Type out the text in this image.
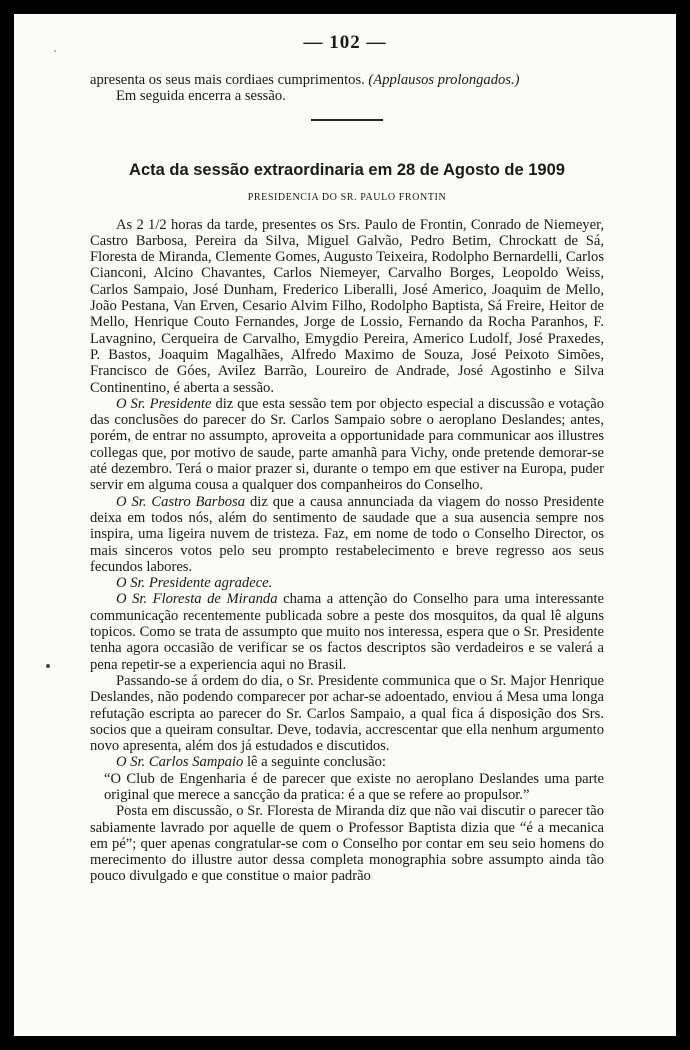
— 102 —

apresenta os seus mais cordiaes cumprimentos. (Applausos prolongados.)

Em seguida encerra a sessão.

Acta da sessão extraordinaria em 28 de Agosto de 1909
PRESIDENCIA DO SR. PAULO FRONTIN

As 2 1/2 horas da tarde, presentes os Srs. Paulo de Frontin, Conrado de Niemeyer, Castro Barbosa, Pereira da Silva, Miguel Galvão, Pedro Betim, Chrockatt de Sá, Floresta de Miranda, Clemente Gomes, Augusto Teixeira, Rodolpho Bernardelli, Carlos Cianconi, Alcino Chavantes, Carlos Niemeyer, Carvalho Borges, Leopoldo Weiss, Carlos Sampaio, José Dunham, Frederico Liberalli, José Americo, Joaquim de Mello, João Pestana, Van Erven, Cesario Alvim Filho, Rodolpho Baptista, Sá Freire, Heitor de Mello, Henrique Couto Fernandes, Jorge de Lossio, Fernando da Rocha Paranhos, F. Lavagnino, Cerqueira de Carvalho, Emygdio Pereira, Americo Ludolf, José Praxedes, P. Bastos, Joaquim Magalhães, Alfredo Maximo de Souza, José Peixoto Simões, Francisco de Góes, Avilez Barrão, Loureiro de Andrade, José Agostinho e Silva Continentino, é aberta a sessão.

O Sr. Presidente diz que esta sessão tem por objecto especial a discussão e votação das conclusões do parecer do Sr. Carlos Sampaio sobre o aeroplano Deslandes; antes, porém, de entrar no assumpto, aproveita a opportunidade para communicar aos illustres collegas que, por motivo de saude, parte amanhã para Vichy, onde pretende demorar-se até dezembro. Terá o maior prazer si, durante o tempo em que estiver na Europa, puder servir em alguma cousa a qualquer dos companheiros do Conselho.

O Sr. Castro Barbosa diz que a causa annunciada da viagem do nosso Presidente deixa em todos nós, além do sentimento de saudade que a sua ausencia sempre nos inspira, uma ligeira nuvem de tristeza. Faz, em nome de todo o Conselho Director, os mais sinceros votos pelo seu prompto restabelecimento e breve regresso aos seus fecundos labores.

O Sr. Presidente agradece.

O Sr. Floresta de Miranda chama a attenção do Conselho para uma interessante communicação recentemente publicada sobre a peste dos mosquitos, da qual lê alguns topicos. Como se trata de assumpto que muito nos interessa, espera que o Sr. Presidente tenha agora occasião de verificar se os factos descriptos são verdadeiros e se valerá a pena repetir-se a experiencia aqui no Brasil.

Passando-se á ordem do dia, o Sr. Presidente communica que o Sr. Major Henrique Deslandes, não podendo comparecer por achar-se adoentado, enviou á Mesa uma longa refutação escripta ao parecer do Sr. Carlos Sampaio, a qual fica á disposição dos Srs. socios que a queiram consultar. Deve, todavia, accrescentar que ella nenhum argumento novo apresenta, além dos já estudados e discutidos.

O Sr. Carlos Sampaio lê a seguinte conclusão:

“O Club de Engenharia é de parecer que existe no aeroplano Deslandes uma parte original que merece a sancção da pratica: é a que se refere ao propulsor.”

Posta em discussão, o Sr. Floresta de Miranda diz que não vai discutir o parecer tão sabiamente lavrado por aquelle de quem o Professor Baptista dizia que “é a mecanica em pé”; quer apenas congratular-se com o Conselho por contar em seu seio homens do merecimento do illustre autor dessa completa monographia sobre assumpto ainda tão pouco divulgado e que constitue o maior padrão
